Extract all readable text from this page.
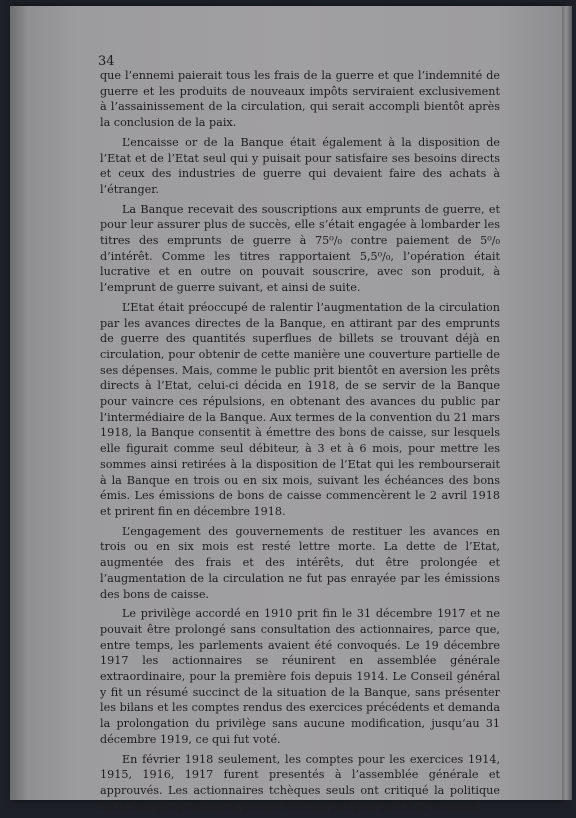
34

que l’ennemi paierait tous les frais de la guerre et que l’indemnité de guerre et les produits de nouveaux impôts serviraient exclusivement à l’assainissement de la circulation, qui serait accompli bientôt après la conclusion de la paix.

L’encaisse or de la Banque était également à la disposition de l’Etat et de l’Etat seul qui y puisait pour satisfaire ses besoins directs et ceux des industries de guerre qui devaient faire des achats à l’étranger.

La Banque recevait des souscriptions aux emprunts de guerre, et pour leur assurer plus de succès, elle s’était engagée à lombarder les titres des emprunts de guerre à 75⁰/₀ contre paiement de 5⁰/₀ d’intérêt. Comme les titres rapportaient 5,5⁰/₀, l’opération était lucrative et en outre on pouvait souscrire, avec son produit, à l’emprunt de guerre suivant, et ainsi de suite.

L’Etat était préoccupé de ralentir l’augmentation de la circulation par les avances directes de la Banque, en attirant par des emprunts de guerre des quantités superflues de billets se trouvant déjà en circulation, pour obtenir de cette manière une couverture partielle de ses dépenses. Mais, comme le public prit bientôt en aversion les prêts directs à l’Etat, celui-ci décida en 1918, de se servir de la Banque pour vaincre ces répulsions, en obtenant des avances du public par l’intermédiaire de la Banque. Aux termes de la convention du 21 mars 1918, la Banque consentit à émettre des bons de caisse, sur lesquels elle figurait comme seul débiteur, à 3 et à 6 mois, pour mettre les sommes ainsi retirées à la disposition de l’Etat qui les rembourserait à la Banque en trois ou en six mois, suivant les échéances des bons émis. Les émissions de bons de caisse commencèrent le 2 avril 1918 et prirent fin en décembre 1918.

L’engagement des gouvernements de restituer les avances en trois ou en six mois est resté lettre morte. La dette de l’Etat, augmentée des frais et des intérêts, dut être prolongée et l’augmentation de la circulation ne fut pas enrayée par les émissions des bons de caisse.

Le privilège accordé en 1910 prit fin le 31 décembre 1917 et ne pouvait être prolongé sans consultation des actionnaires, parce que, entre temps, les parlements avaient été convoqués. Le 19 décembre 1917 les actionnaires se réunirent en assemblée générale extraordinaire, pour la première fois depuis 1914. Le Conseil général y fit un résumé succinct de la situation de la Banque, sans présenter les bilans et les comptes rendus des exercices précédents et demanda la prolongation du privilège sans aucune modification, jusqu’au 31 décembre 1919, ce qui fut voté.

En février 1918 seulement, les comptes pour les exercices 1914, 1915, 1916, 1917 furent presentés à l’assemblée générale et approuvés. Les actionnaires tchèques seuls ont critiqué la politique de la Banque pendant la guerre et n’ont pas pris part à la votation.
